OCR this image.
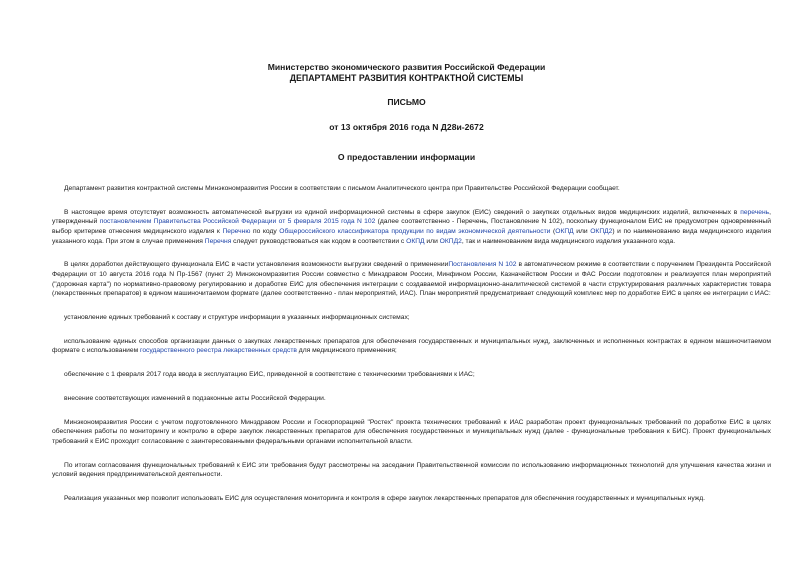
Министерство экономического развития Российской Федерации
ДЕПАРТАМЕНТ РАЗВИТИЯ КОНТРАКТНОЙ СИСТЕМЫ
ПИСЬМО
от 13 октября 2016 года N Д28и-2672
О предоставлении информации

Департамент развития контрактной системы Минэкономразвития России в соответствии с письмом Аналитического центра при Правительстве Российской Федерации сообщает.

В настоящее время отсутствует возможность автоматической выгрузки из единой информационной системы в сфере закупок (ЕИС) сведений о закупках отдельных видов медицинских изделий, включенных в перечень, утвержденный постановлением Правительства Российской Федерации от 5 февраля 2015 года N 102 (далее соответственно - Перечень, Постановление N 102), поскольку функционалом ЕИС не предусмотрен одновременный выбор критериев отнесения медицинского изделия к Перечню по коду Общероссийского классификатора продукции по видам экономической деятельности (ОКПД или ОКПД2) и по наименованию вида медицинского изделия указанного кода. При этом в случае применения Перечня следует руководствоваться как кодом в соответствии с ОКПД или ОКПД2, так и наименованием вида медицинского изделия указанного кода.

В целях доработки действующего функционала ЕИС в части установления возможности выгрузки сведений о примененииПостановления N 102 в автоматическом режиме в соответствии с поручением Президента Российской Федерации от 10 августа 2016 года N Пр-1567 (пункт 2) Минэкономразвития России совместно с Минздравом России, Минфином России, Казначейством России и ФАС России подготовлен и реализуется план мероприятий ("дорожная карта") по нормативно-правовому регулированию и доработке ЕИС для обеспечения интеграции с создаваемой информационно-аналитической системой в части структурирования различных характеристик товара (лекарственных препаратов) в едином машиночитаемом формате (далее соответственно - план мероприятий, ИАС). План мероприятий предусматривает следующий комплекс мер по доработке ЕИС в целях ее интеграции с ИАС:

установление единых требований к составу и структуре информации в указанных информационных системах;

использование единых способов организации данных о закупках лекарственных препаратов для обеспечения государственных и муниципальных нужд, заключенных и исполненных контрактах в едином машиночитаемом формате с использованием государственного реестра лекарственных средств для медицинского применения;

обеспечение с 1 февраля 2017 года ввода в эксплуатацию ЕИС, приведенной в соответствие с техническими требованиями к ИАС;

внесение соответствующих изменений в подзаконные акты Российской Федерации.

Минэкономразвития России с учетом подготовленного Минздравом России и Госкорпорацией "Ростех" проекта технических требований к ИАС разработан проект функциональных требований по доработке ЕИС в целях обеспечения работы по мониторингу и контролю в сфере закупок лекарственных препаратов для обеспечения государственных и муниципальных нужд (далее - функциональные требования к БИС). Проект функциональных требований к ЕИС проходит согласование с заинтересованными федеральными органами исполнительной власти.

По итогам согласования функциональных требований к ЕИС эти требования будут рассмотрены на заседании Правительственной комиссии по использованию информационных технологий для улучшения качества жизни и условий ведения предпринимательской деятельности.

Реализация указанных мер позволит использовать ЕИС для осуществления мониторинга и контроля в сфере закупок лекарственных препаратов для обеспечения государственных и муниципальных нужд.
